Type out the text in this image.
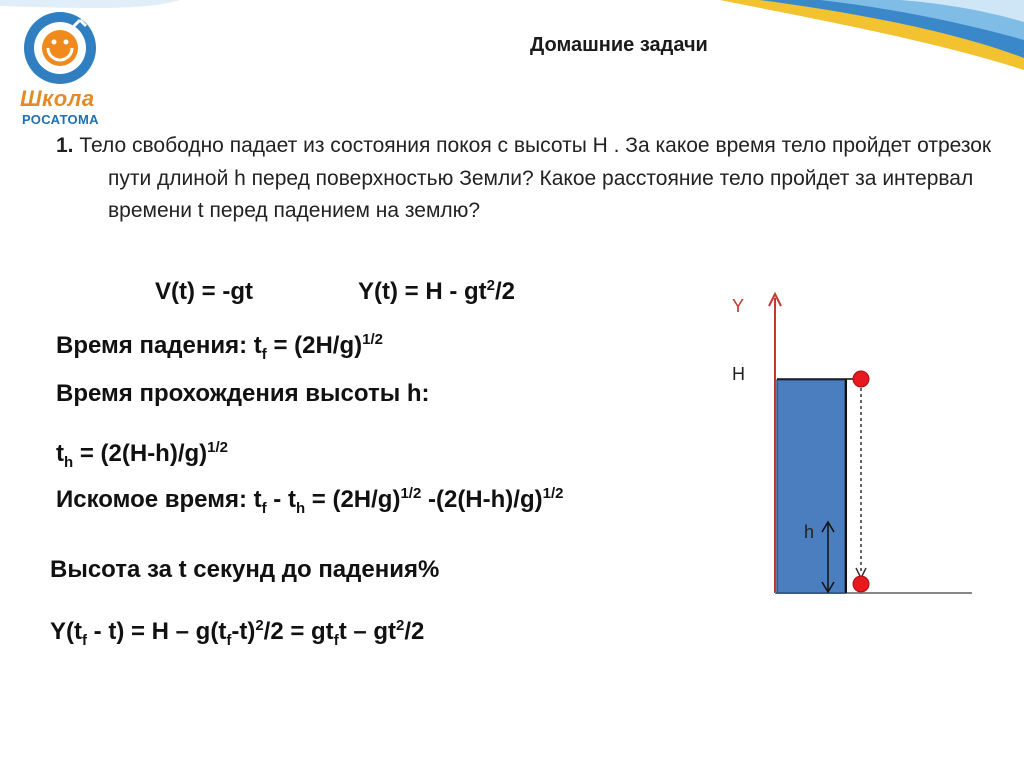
Школа
РОСАТОМА
Домашние задачи

1. Тело свободно падает из состояния покоя с высоты H . За какое время тело пройдет отрезок пути длиной h перед поверхностью Земли? Какое расстояние тело пройдет за интервал времени t перед падением на землю?

V(t) = -gt	$Y(t) = H - gt^2/2$
Время падения: $t_f = (2H/g)^{1/2}$
Время прохождения высоты h:
$t_h = (2(H-h)/g)^{1/2}$
Искомое время: $t_f - t_h = (2H/g)^{1/2}$ $-(2(H-h)/g)^{1/2}$
Высота за t секунд до падения%
$Y(t_f - t) = H - g(t_f-t)^2/2 = gt_ft - gt^2/2$
Y
H
h
